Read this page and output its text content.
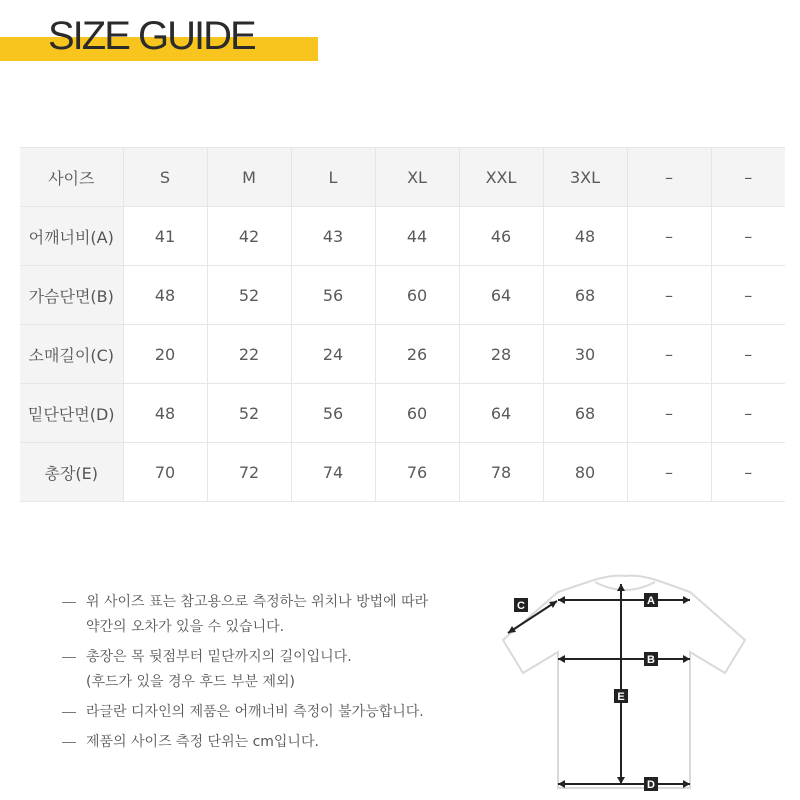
SIZE GUIDE
사이즈	S	M	L	XL	XXL	3XL	–	–
어깨너비(A)	41	42	43	44	46	48	–	–
가슴단면(B)	48	52	56	60	64	68	–	–
소매길이(C)	20	22	24	26	28	30	–	–
밑단단면(D)	48	52	56	60	64	68	–	–
총장(E)	70	72	74	76	78	80	–	–
위 사이즈 표는 참고용으로 측정하는 위치나 방법에 따라
약간의 오차가 있을 수 있습니다.
총장은 목 뒷점부터 밑단까지의 길이입니다.
(후드가 있을 경우 후드 부분 제외)
라글란 디자인의 제품은 어깨너비 측정이 불가능합니다.
제품의 사이즈 측정 단위는 cm입니다.
A
C
B
E
D
